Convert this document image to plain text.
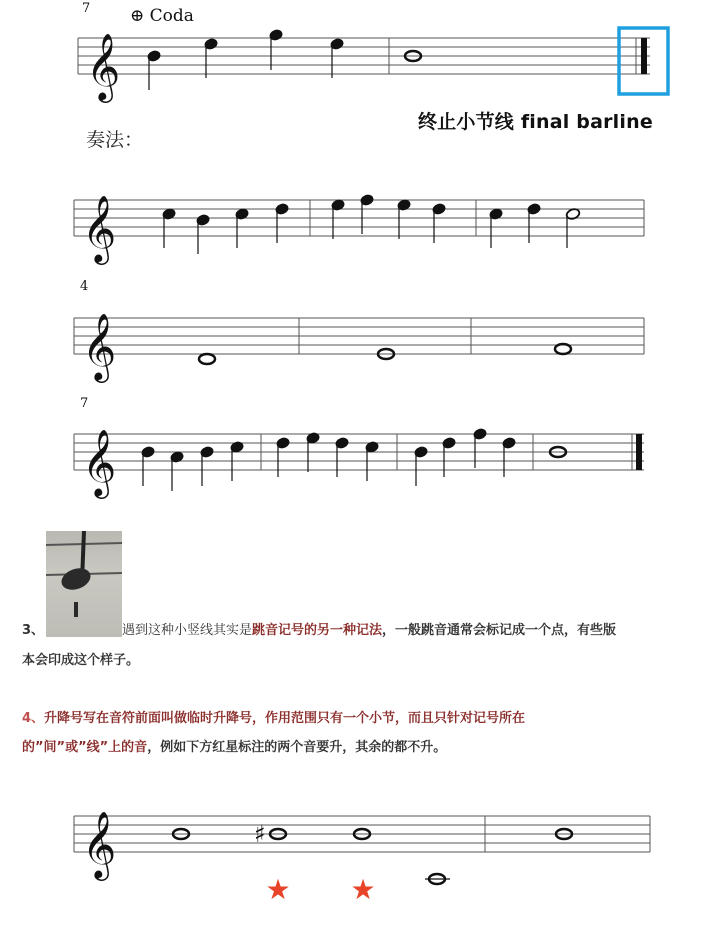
7 ⊕ Coda
𝄞
终止小节线 final barline
奏法：
𝄞
4
𝄞
7
𝄞
遇到这种小竖线其实是跳音记号的另一种记法，一般跳音通常会标记成一个点，有些版
3、
本会印成这个样子。
4、升降号写在音符前面叫做临时升降号，作用范围只有一个小节，而且只针对记号所在
的”间”或”线”上的音，例如下方红星标注的两个音要升，其余的都不升。
𝄞	♯
★ ★
